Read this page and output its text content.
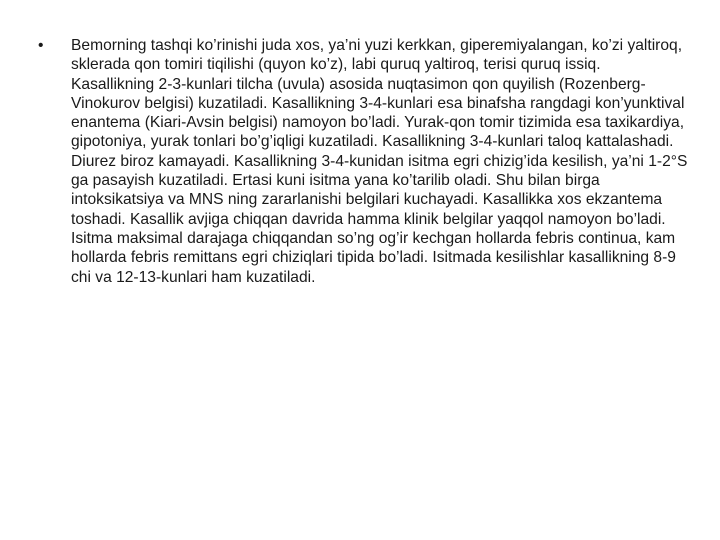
• Bemorning tashqi ko’rinishi juda xos, ya’ni yuzi kerkkan, giperemiyalangan, ko’zi yaltiroq, sklerada qon tomiri tiqilishi (quyon ko’z), labi quruq yaltiroq, terisi quruq issiq. Kasallikning 2-3-kunlari tilcha (uvula) asosida nuqtasimon qon quyilish (Rozenberg-Vinokurov belgisi) kuzatiladi. Kasallikning 3-4-kunlari esa binafsha rangdagi kon’yunktival enantema (Kiari-Avsin belgisi) namoyon bo’ladi. Yurak-qon tomir tizimida esa taxikardiya, gipotoniya, yurak tonlari bo’g’iqligi kuzatiladi. Kasallikning 3-4-kunlari taloq kattalashadi. Diurez biroz kamayadi. Kasallikning 3-4-kunidan isitma egri chizig’ida kesilish, ya’ni 1-2°S ga pasayish kuzatiladi. Ertasi kuni isitma yana ko’tarilib oladi. Shu bilan birga intoksikatsiya va MNS ning zararlanishi belgilari kuchayadi. Kasallikka xos ekzantema toshadi. Kasallik avjiga chiqqan davrida hamma klinik belgilar yaqqol namoyon bo’ladi. Isitma maksimal darajaga chiqqandan so’ng og’ir kechgan hollarda febris continua, kam hollarda febris remittans egri chiziqlari tipida bo’ladi. Isitmada kesilishlar kasallikning 8-9 chi va 12-13-kunlari ham kuzatiladi.
